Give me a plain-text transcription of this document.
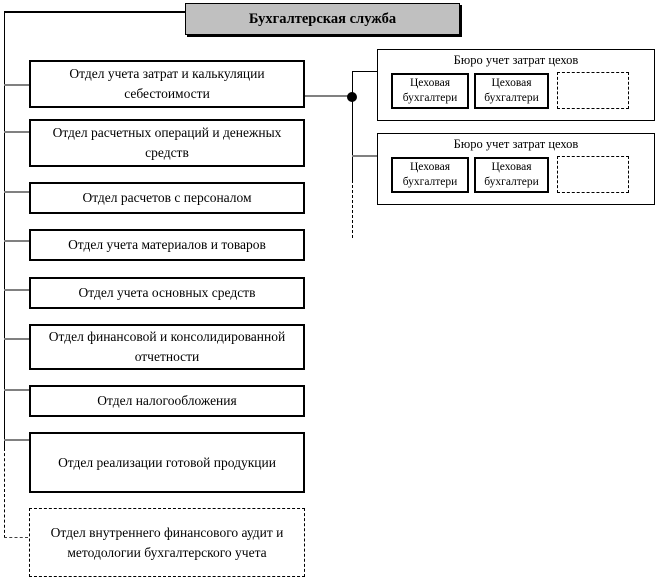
Бухгалтерская служба
Отдел учета затрат и калькуляции себестоимости
Отдел расчетных операций и денежных средств
Отдел расчетов с персоналом
Отдел учета материалов и товаров
Отдел учета основных средств
Отдел финансовой и консолидированной отчетности
Отдел налогообложения
Отдел реализации готовой продукции
Отдел внутреннего финансового аудит и методологии бухгалтерского учета
Бюро учет затрат цехов
Цеховая бухгалтери
Цеховая бухгалтери
Бюро учет затрат цехов
Цеховая бухгалтери
Цеховая бухгалтери
